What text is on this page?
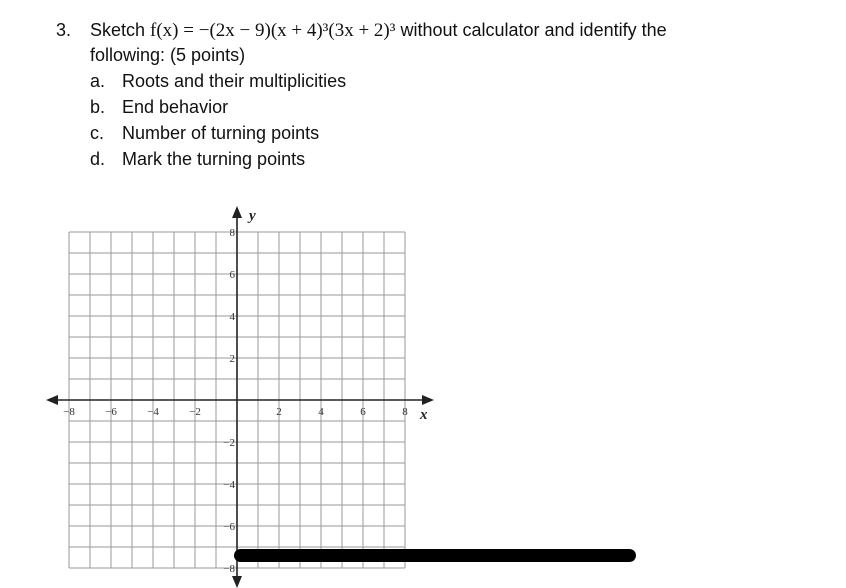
3. Sketch f(x) = −(2x − 9)(x + 4)³(3x + 2)³ without calculator and identify the
following: (5 points)
a. Roots and their multiplicities
b. End behavior
c. Number of turning points
d. Mark the turning points
−8	−6	−4	−2	2	4	6	8
8
6
4
2
−2
−4
−6
−8
x
y
